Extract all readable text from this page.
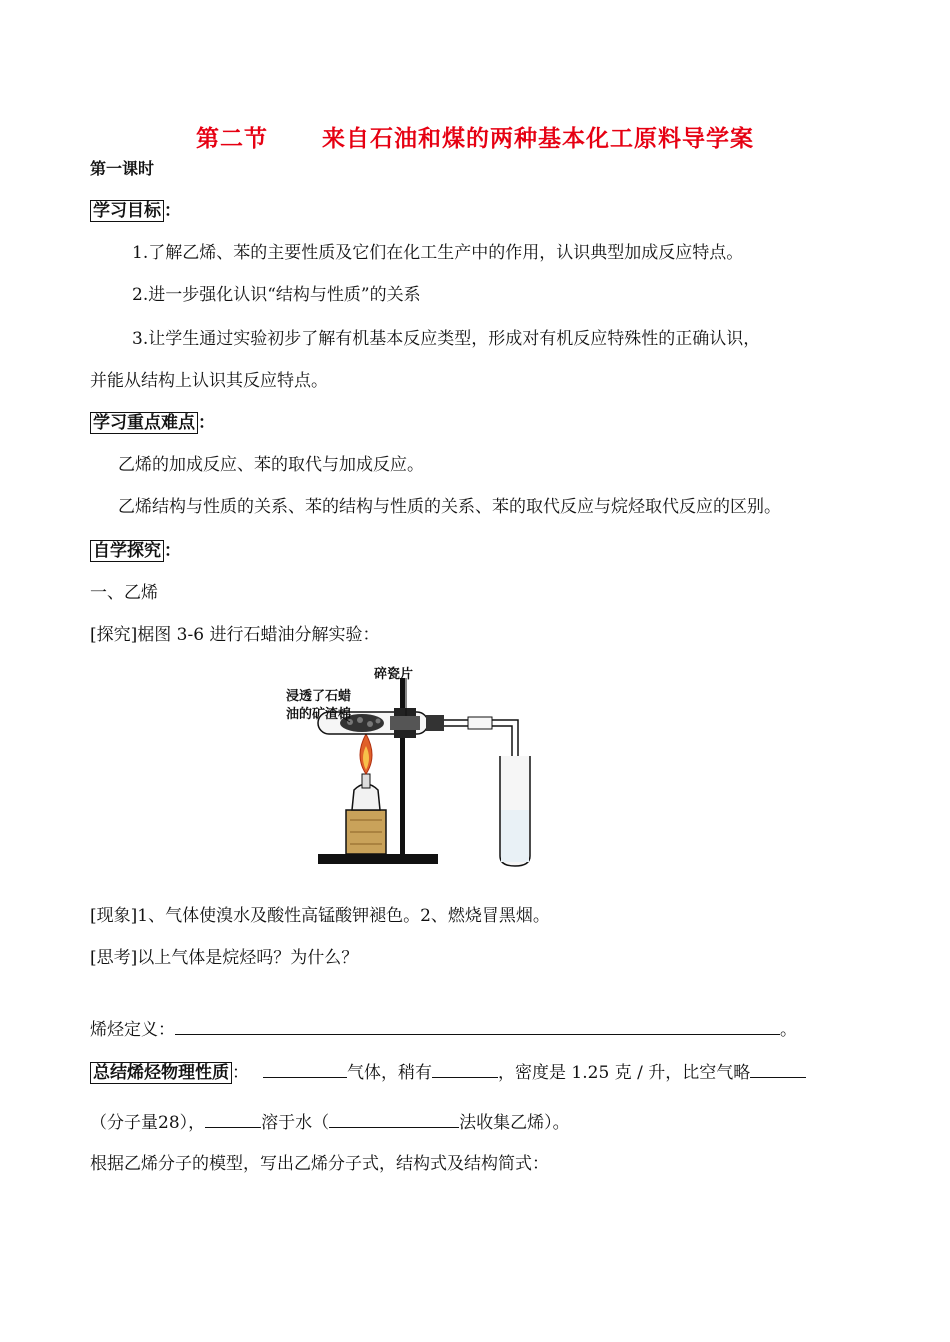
第二节 来自石油和煤的两种基本化工原料导学案
第一课时
学习目标 ：
1.了解乙烯、苯的主要性质及它们在化工生产中的作用，认识典型加成反应特点。
2.进一步强化认识“结构与性质”的关系
3.让学生通过实验初步了解有机基本反应类型，形成对有机反应特殊性的正确认识，
并能从结构上认识其反应特点。
学习重点难点 ：
乙烯的加成反应、苯的取代与加成反应。
乙烯结构与性质的关系、苯的结构与性质的关系、苯的取代反应与烷烃取代反应的区别。
自学探究 ：
一、乙烯
[探究]椐图 3-6 进行石蜡油分解实验：
碎瓷片
浸透了石蜡
油的矿渣棉
[现象]1、气体使溴水及酸性高锰酸钾褪色。2、燃烧冒黑烟。
[思考]以上气体是烷烃吗？为什么？
烯烃定义：	。
总结烯烃物理性质 ：	气体，稍有	，密度是 1.25 克 / 升，比空气略
（分子量28），	溶于水（	法收集乙烯）。
根据乙烯分子的模型，写出乙烯分子式，结构式及结构简式：
